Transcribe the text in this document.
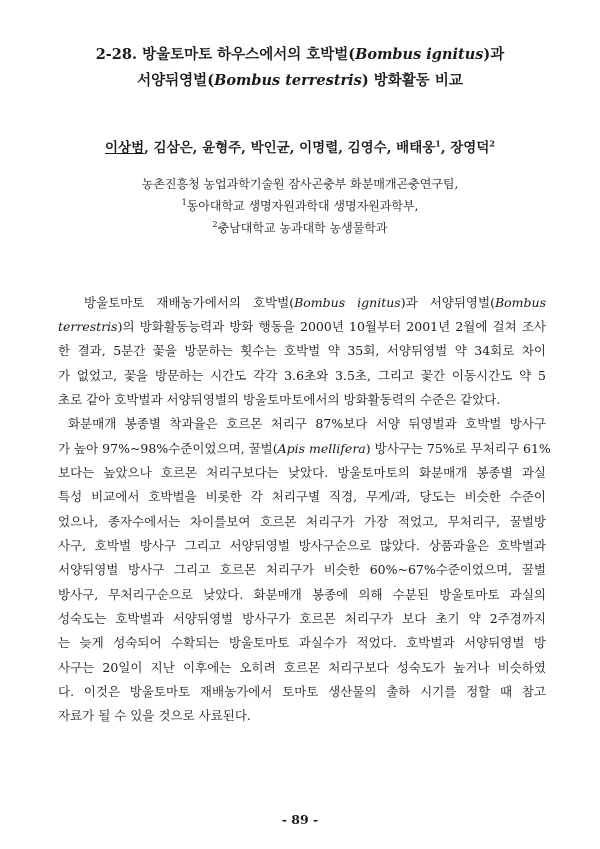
2-28. 방울토마토 하우스에서의 호박벌(Bombus ignitus)과
서양뒤영벌(Bombus terrestris) 방화활동 비교
이상범, 김삼은, 윤형주, 박인균, 이명렬, 김영수, 배태웅$^1$, 장영덕$^2$
농촌진흥청 농업과학기술원 잠사곤충부 화분매개곤충연구팀,
$^1$동아대학교 생명자원과학대 생명자원과학부,
$^2$충남대학교 농과대학 농생물학과
방울토마토 재배농가에서의 호박벌(Bombus ignitus)과 서양뒤영벌(Bombus
terrestris)의 방화활동능력과 방화 행동을 2000년 10월부터 2001년 2월에 걸쳐 조사
한 결과, 5분간 꽃을 방문하는 횟수는 호박벌 약 35회, 서양뒤영벌 약 34회로 차이
가 없었고, 꽃을 방문하는 시간도 각각 3.6초와 3.5초, 그리고 꽃간 이동시간도 약 5
초로 같아 호박벌과 서양뒤영벌의 방울토마토에서의 방화활동력의 수준은 같았다.
화분매개 봉종별 착과율은 호르몬 처리구 87%보다 서양 뒤영벌과 호박벌 방사구
가 높아 97%~98%수준이었으며, 꿀벌(Apis mellifera) 방사구는 75%로 무처리구 61%
보다는 높았으나 호르몬 처리구보다는 낮았다. 방울토마토의 화분매개 봉종별 과실
특성 비교에서 호박벌을 비롯한 각 처리구별 직경, 무게/과, 당도는 비슷한 수준이
었으나, 종자수에서는 차이를보여 호르몬 처리구가 가장 적었고, 무처리구, 꿀벌방
사구, 호박벌 방사구 그리고 서양뒤영벌 방사구순으로 많았다. 상품과율은 호박벌과
서양뒤영벌 방사구 그리고 호르몬 처리구가 비슷한 60%~67%수준이었으며, 꿀벌
방사구, 무처리구순으로 낮았다. 화분매개 봉종에 의해 수분된 방울토마토 과실의
성숙도는 호박벌과 서양뒤영벌 방사구가 호르몬 처리구가 보다 초기 약 2주경까지
는 늦게 성숙되어 수확되는 방울토마토 과실수가 적었다. 호박벌과 서양뒤영벌 방
사구는 20일이 지난 이후에는 오히려 호르몬 처리구보다 성숙도가 높거나 비슷하였
다. 이것은 방울토마토 재배농가에서 토마토 생산물의 출하 시기를 정할 때 참고
자료가 될 수 있을 것으로 사료된다.
- 89 -
